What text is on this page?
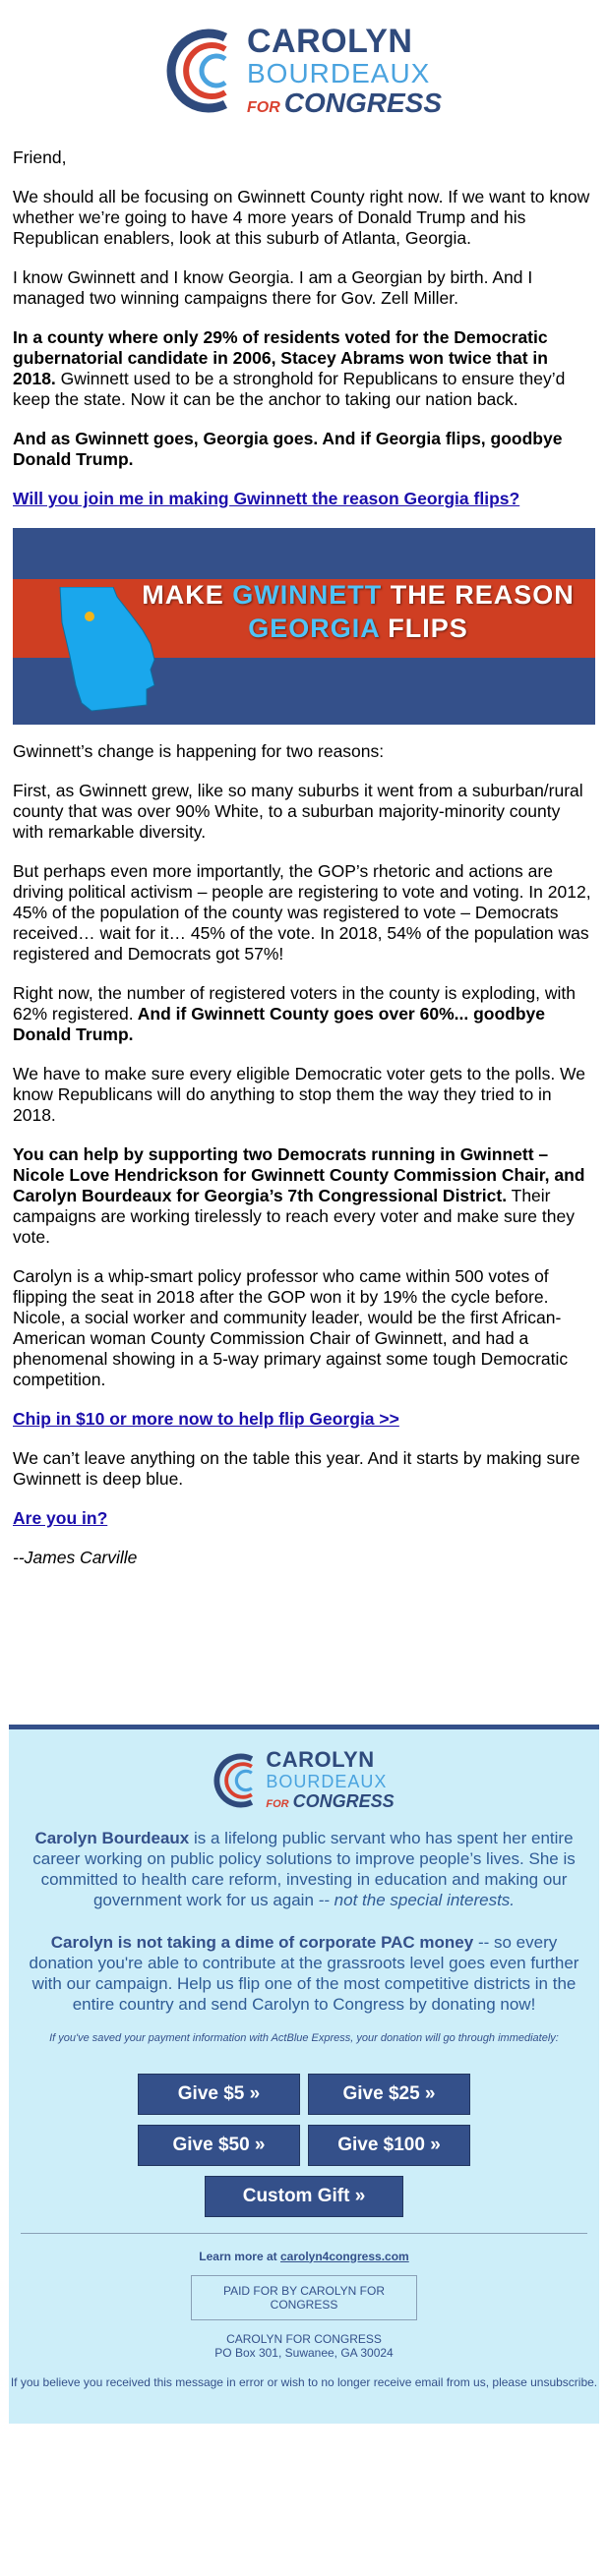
CAROLYN
BOURDEAUX
FOR CONGRESS

Friend,

We should all be focusing on Gwinnett County right now. If we want to know whether we’re going to have 4 more years of Donald Trump and his Republican enablers, look at this suburb of Atlanta, Georgia.

I know Gwinnett and I know Georgia. I am a Georgian by birth. And I managed two winning campaigns there for Gov. Zell Miller.

In a county where only 29% of residents voted for the Democratic gubernatorial candidate in 2006, Stacey Abrams won twice that in 2018. Gwinnett used to be a stronghold for Republicans to ensure they’d keep the state. Now it can be the anchor to taking our nation back.

And as Gwinnett goes, Georgia goes. And if Georgia flips, goodbye Donald Trump.

Will you join me in making Gwinnett the reason Georgia flips?

MAKE GWINNETT THE REASON
GEORGIA FLIPS

Gwinnett’s change is happening for two reasons:

First, as Gwinnett grew, like so many suburbs it went from a suburban/rural county that was over 90% White, to a suburban majority-minority county with remarkable diversity.

But perhaps even more importantly, the GOP’s rhetoric and actions are driving political activism – people are registering to vote and voting. In 2012, 45% of the population of the county was registered to vote – Democrats received… wait for it… 45% of the vote. In 2018, 54% of the population was registered and Democrats got 57%!

Right now, the number of registered voters in the county is exploding, with 62% registered. And if Gwinnett County goes over 60%... goodbye Donald Trump.

We have to make sure every eligible Democratic voter gets to the polls. We know Republicans will do anything to stop them the way they tried to in 2018.

You can help by supporting two Democrats running in Gwinnett – Nicole Love Hendrickson for Gwinnett County Commission Chair, and Carolyn Bourdeaux for Georgia’s 7th Congressional District. Their campaigns are working tirelessly to reach every voter and make sure they vote.

Carolyn is a whip-smart policy professor who came within 500 votes of flipping the seat in 2018 after the GOP won it by 19% the cycle before. Nicole, a social worker and community leader, would be the first African-American woman County Commission Chair of Gwinnett, and had a phenomenal showing in a 5-way primary against some tough Democratic competition.

Chip in $10 or more now to help flip Georgia >>

We can’t leave anything on the table this year. And it starts by making sure Gwinnett is deep blue.

Are you in?

--James Carville

CAROLYN
BOURDEAUX
FOR CONGRESS

Carolyn Bourdeaux is a lifelong public servant who has spent her entire career working on public policy solutions to improve people’s lives. She is committed to health care reform, investing in education and making our government work for us again -- not the special interests.

Carolyn is not taking a dime of corporate PAC money -- so every donation you're able to contribute at the grassroots level goes even further with our campaign. Help us flip one of the most competitive districts in the entire country and send Carolyn to Congress by donating now!

If you've saved your payment information with ActBlue Express, your donation will go through immediately:

Give $5 »	Give $25 »
Give $50 »	Give $100 »
Custom Gift »
Learn more at carolyn4congress.com
PAID FOR BY CAROLYN FOR CONGRESS
CAROLYN FOR CONGRESS
PO Box 301, Suwanee, GA 30024
If you believe you received this message in error or wish to no longer receive email from us, please unsubscribe.
